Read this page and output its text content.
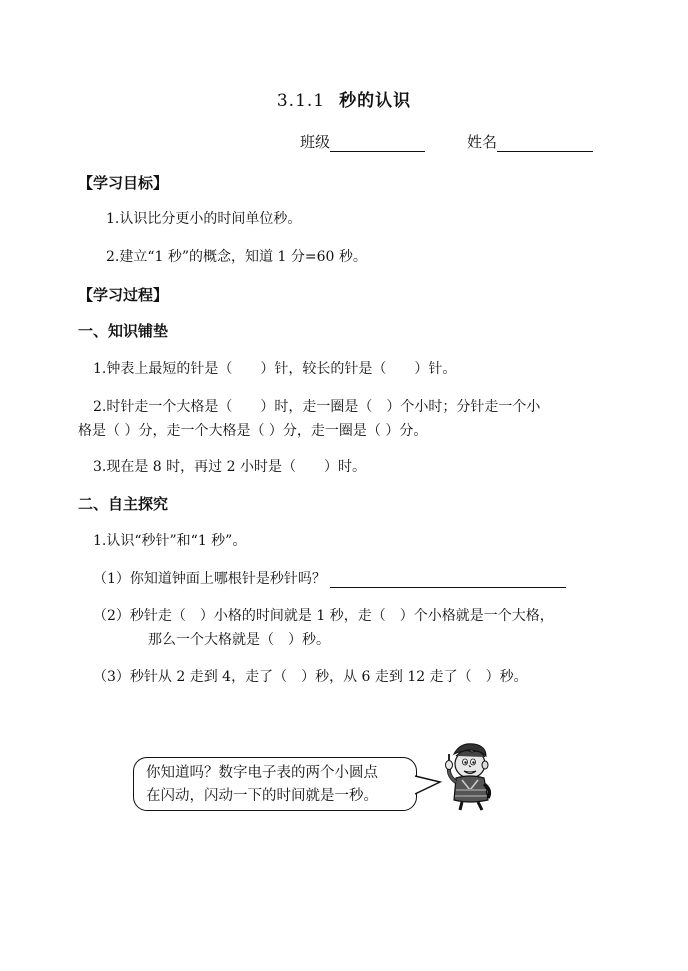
3.1.1 秒的认识
班级	姓名
【学习目标】
1.认识比分更小的时间单位秒。
2.建立“1 秒”的概念，知道 1 分=60 秒。
【学习过程】
一、知识铺垫
1.钟表上最短的针是（　　）针，较长的针是（　　）针。
2.时针走一个大格是（　　）时，走一圈是（　）个小时；分针走一个小
格是（ ）分，走一个大格是（ ）分，走一圈是（ ）分。
3.现在是 8 时，再过 2 小时是（　　）时。
二、自主探究
1.认识“秒针”和“1 秒”。
（1）你知道钟面上哪根针是秒针吗？
（2）秒针走（　）小格的时间就是 1 秒，走（　）个小格就是一个大格，
那么一个大格就是（　）秒。
（3）秒针从 2 走到 4，走了（　）秒，从 6 走到 12 走了（　）秒。
你知道吗？数字电子表的两个小圆点
在闪动，闪动一下的时间就是一秒。
